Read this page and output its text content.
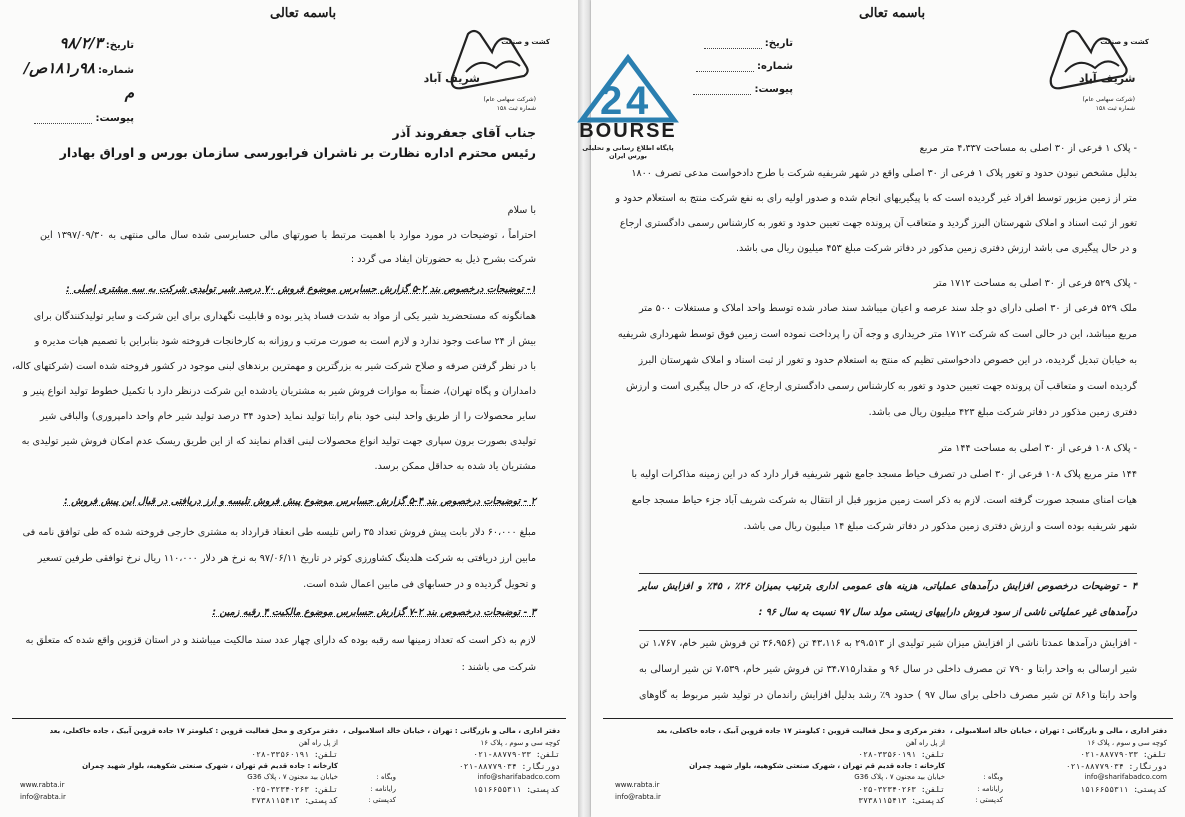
باسمه تعالی
تاریخ: ۹۸/۲/۳
شماره: ۹۸ر۱۸۱ص/م
پیوست:
شریف آباد
کشت و صنعت
(شرکت سهامی عام)
شماره ثبت ۱۵۸
جناب آقای جعفروند آذر
رئیس محترم اداره نظارت بر ناشران فرابورسی سازمان بورس و اوراق بهادار
با سلام
احتراماً ، توضیحات در مورد موارد با اهمیت مرتبط با صورتهای مالی حسابرسی شده سال مالی منتهی به ۱۳۹۷/۰۹/۳۰ این
شرکت بشرح ذیل به حضورتان ایفاد می گردد :
۱- توضیحات درخصوص بند ۲-۵ گزارش حسابرس موضوع فروش ۷۰ درصد شیر تولیدی شرکت به سه مشتری اصلی :
همانگونه که مستحضرید شیر یکی از مواد به شدت فساد پذیر بوده و قابلیت نگهداری برای این شرکت و سایر تولیدکنندگان برای
بیش از ۲۴ ساعت وجود ندارد و لازم است به صورت مرتب و روزانه به کارخانجات فروخته شود بنابراین با تصمیم هیات مدیره و
با در نظر گرفتن صرفه و صلاح شرکت شیر به بزرگترین و مهمترین برندهای لبنی موجود در کشور فروخته شده است (شرکتهای کاله،
دامداران و پگاه تهران)، ضمناً به موازات فروش شیر به مشتریان یادشده این شرکت درنظر دارد با تکمیل خطوط تولید انواع پنیر و
سایر محصولات را از طریق واحد لبنی خود بنام رابتا تولید نماید (حدود ۳۴ درصد تولید شیر خام واحد دامپروری) والباقی شیر
تولیدی بصورت برون سپاری جهت تولید انواع محصولات لبنی اقدام نمایند که از این طریق ریسک عدم امکان فروش شیر تولیدی به
مشتریان یاد شده به حداقل ممکن برسد.
۲ - توضیحات درخصوص بند ۴-۵ گزارش حسابرس موضوع پیش فروش تلیسه و ارز دریافتی در قبال این پیش فروش :
مبلغ ۶۰،۰۰۰ دلار بابت پیش فروش تعداد ۳۵ راس تلیسه طی انعقاد قرارداد به مشتری خارجی فروخته شده که طی توافق نامه فی
مابین ارز دریافتی به شرکت هلدینگ کشاورزی کوثر در تاریخ ۹۷/۰۶/۱۱ به نرخ هر دلار ۱۱۰،۰۰۰ ریال نرخ توافقی طرفین تسعیر
و تحویل گردیده و در حسابهای فی مابین اعمال شده است.
۳ - توضیحات درخصوص بند ۲-۷ گزارش حسابرس موضوع مالکیت ۴ رقبه زمین :
لازم به ذکر است که تعداد زمینها سه رقبه بوده که دارای چهار عدد سند مالکیت میباشند و در استان قزوین واقع شده که متعلق به
شرکت می باشند :
دفتر اداری ، مالی و بازرگانی : تهران ، خیابان خالد اسلامبولی ،
کوچه سی و سوم ، پلاک ۱۶
تلفن: ۸۸۷۷۹۰۳۳-۰۲۱
دورنگار: ۸۸۷۷۹۰۳۴-۰۲۱
info@sharifabadco.com
کدپستی: ۱۵۱۶۶۵۵۳۱۱
وبگاه :
رایانامه :
کدپستی :
دفتر مرکزی و محل فعالیت قزوین : کیلومتر ۱۷ جاده قزوین آبیک ، جاده خاکعلی، بعد
از پل راه آهن
تلفن: ۳۳۵۶۰۱۹۱-۰۲۸
کارخانه : جاده قدیم قم تهران ، شهرک صنعتی شکوهیه، بلوار شهید چمران
خیابان بید مجنون ۷ ، پلاک G36
تلفن: ۳۲۳۴۰۲۶۳-۰۲۵
کدپستی: ۳۷۳۸۱۱۵۴۱۳
www.rabta.ir
info@rabta.ir
2 4
BOURSE
پایگاه اطلاع رسانی و تحلیلی بورس ایران
باسمه تعالی
تاریخ:
شماره:
پیوست:
شریف آباد
کشت و صنعت
(شرکت سهامی عام)
شماره ثبت ۱۵۸
- پلاک ۱ فرعی از ۳۰ اصلی به مساحت ۴،۳۳۷ متر مربع
بدلیل مشخص نبودن حدود و تغور پلاک ۱ فرعی از ۳۰ اصلی واقع در شهر شریفیه شرکت با طرح دادخواست مدعی تصرف ۱۸۰۰
متر از زمین مزبور توسط افراد غیر گردیده است که با پیگیریهای انجام شده و صدور اولیه رای به نفع شرکت منتج به استعلام حدود و
تغور از ثبت اسناد و املاک شهرستان البرز گردید و متعاقب آن پرونده جهت تعیین حدود و تغور به کارشناس رسمی دادگستری ارجاع
و در حال پیگیری می باشد ارزش دفتری زمین مذکور در دفاتر شرکت مبلغ ۴۵۳ میلیون ریال می باشد.
- پلاک ۵۲۹ فرعی از ۳۰ اصلی به مساحت ۱۷۱۲ متر
ملک ۵۲۹ فرعی از ۳۰ اصلی دارای دو جلد سند عرصه و اعیان میباشد سند صادر شده توسط واحد املاک و مستغلات ۵۰۰ متر
مربع میباشد، این در حالی است که شرکت ۱۷۱۲ متر خریداری و وجه آن را پرداخت نموده است زمین فوق توسط شهرداری شریفیه
به خیابان تبدیل گردیده، در این خصوص دادخواستی تظیم که منتج به استعلام حدود و تغور از ثبت اسناد و املاک شهرستان البرز
گردیده است و متعاقب آن پرونده جهت تعیین حدود و تغور به کارشناس رسمی دادگستری ارجاع، که در حال پیگیری است و ارزش
دفتری زمین مذکور در دفاتر شرکت مبلغ ۴۲۳ میلیون ریال می باشد.
- پلاک ۱۰۸ فرعی از ۳۰ اصلی به مساحت ۱۴۴ متر
۱۴۴ متر مربع پلاک ۱۰۸ فرعی از ۳۰ اصلی در تصرف حیاط مسجد جامع شهر شریفیه قرار دارد که در این زمینه مذاکرات اولیه با
هیات امنای مسجد صورت گرفته است. لازم به ذکر است زمین مزبور قبل از انتقال به شرکت شریف آباد جزء حیاط مسجد جامع
شهر شریفیه بوده است و ارزش دفتری زمین مذکور در دفاتر شرکت مبلغ ۱۴ میلیون ریال می باشد.
۴ - توضیحات درخصوص افزایش درآمدهای عملیاتی، هزینه های عمومی اداری بترتیب بمیزان ۲۶٪ ، ۴۵٪ و افزایش سایر
درآمدهای غیر عملیاتی ناشی از سود فروش داراییهای زیستی مولد سال ۹۷ نسبت به سال ۹۶ :
- افزایش درآمدها عمدتا ناشی از افزایش میزان شیر تولیدی از ۲۹،۵۱۳ به ۴۳،۱۱۶ تن (۳۶،۹۵۶ تن فروش شیر خام، ۱،۷۶۷ تن
شیر ارسالی به واحد رابتا و ۷۹۰ تن مصرف داخلی در سال ۹۶ و مقدار۳۴،۷۱۵ تن فروش شیر خام، ۷،۵۳۹ تن شیر ارسالی به
واحد رابتا و۸۶۱ تن شیر مصرف داخلی برای سال ۹۷ ) حدود ۹٪ رشد بدلیل افزایش راندمان در تولید شیر مربوط به گاوهای
دفتر اداری ، مالی و بازرگانی : تهران ، خیابان خالد اسلامبولی ،
کوچه سی و سوم ، پلاک ۱۶
تلفن: ۸۸۷۷۹۰۳۳-۰۲۱
دورنگار: ۸۸۷۷۹۰۳۴-۰۲۱
info@sharifabadco.com
کدپستی: ۱۵۱۶۶۵۵۳۱۱
وبگاه :
رایانامه :
کدپستی :
دفتر مرکزی و محل فعالیت قزوین : کیلومتر ۱۷ جاده قزوین آبیک ، جاده خاکعلی، بعد
از پل راه آهن
تلفن: ۳۳۵۶۰۱۹۱-۰۲۸
کارخانه : جاده قدیم قم تهران ، شهرک صنعتی شکوهیه، بلوار شهید چمران
خیابان بید مجنون ۷ ، پلاک G36
تلفن: ۳۲۳۴۰۲۶۳-۰۲۵
کدپستی: ۳۷۳۸۱۱۵۴۱۳
www.rabta.ir
info@rabta.ir
